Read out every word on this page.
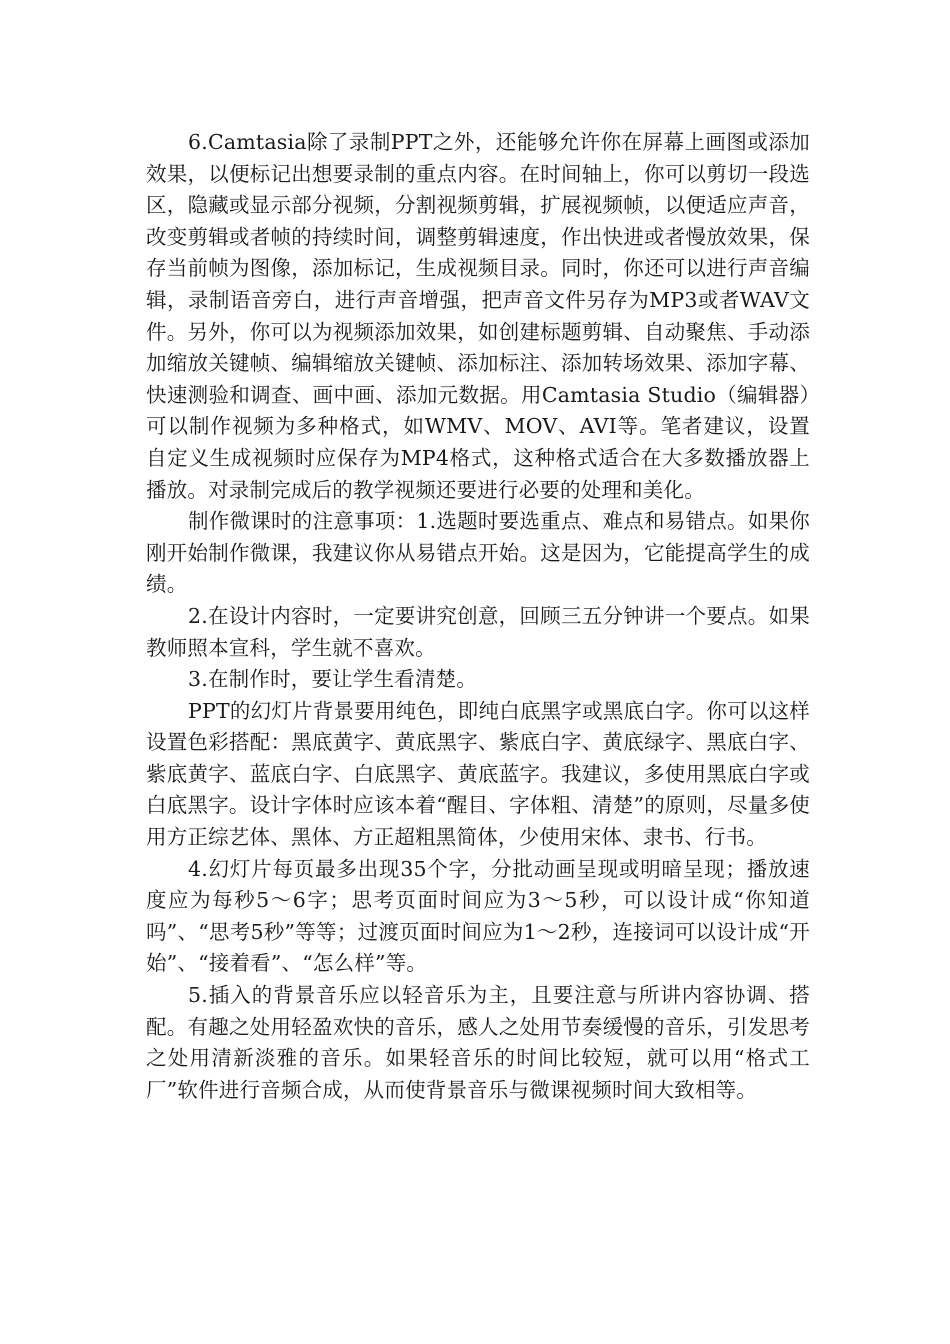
6.Camtasia除了录制PPT之外，还能够允许你在屏幕上画图或添加效果，以便标记出想要录制的重点内容。在时间轴上，你可以剪切一段选区，隐藏或显示部分视频，分割视频剪辑，扩展视频帧，以便适应声音，改变剪辑或者帧的持续时间，调整剪辑速度，作出快进或者慢放效果，保存当前帧为图像，添加标记，生成视频目录。同时，你还可以进行声音编辑，录制语音旁白，进行声音增强，把声音文件另存为MP3或者WAV文件。另外，你可以为视频添加效果，如创建标题剪辑、自动聚焦、手动添加缩放关键帧、编辑缩放关键帧、添加标注、添加转场效果、添加字幕、快速测验和调查、画中画、添加元数据。用Camtasia Studio（编辑器）可以制作视频为多种格式，如WMV、MOV、AVI等。笔者建议，设置自定义生成视频时应保存为MP4格式，这种格式适合在大多数播放器上播放。对录制完成后的教学视频还要进行必要的处理和美化。

制作微课时的注意事项：1.选题时要选重点、难点和易错点。如果你刚开始制作微课，我建议你从易错点开始。这是因为，它能提高学生的成绩。

2.在设计内容时，一定要讲究创意，回顾三五分钟讲一个要点。如果教师照本宣科，学生就不喜欢。

3.在制作时，要让学生看清楚。

PPT的幻灯片背景要用纯色，即纯白底黑字或黑底白字。你可以这样设置色彩搭配：黑底黄字、黄底黑字、紫底白字、黄底绿字、黑底白字、紫底黄字、蓝底白字、白底黑字、黄底蓝字。我建议，多使用黑底白字或白底黑字。设计字体时应该本着“醒目、字体粗、清楚”的原则，尽量多使用方正综艺体、黑体、方正超粗黑简体，少使用宋体、隶书、行书。

4.幻灯片每页最多出现35个字，分批动画呈现或明暗呈现；播放速度应为每秒5～6字；思考页面时间应为3～5秒，可以设计成“你知道吗”、“思考5秒”等等；过渡页面时间应为1～2秒，连接词可以设计成“开始”、“接着看”、“怎么样”等。

5.插入的背景音乐应以轻音乐为主，且要注意与所讲内容协调、搭配。有趣之处用轻盈欢快的音乐，感人之处用节奏缓慢的音乐，引发思考之处用清新淡雅的音乐。如果轻音乐的时间比较短，就可以用“格式工厂”软件进行音频合成，从而使背景音乐与微课视频时间大致相等。
